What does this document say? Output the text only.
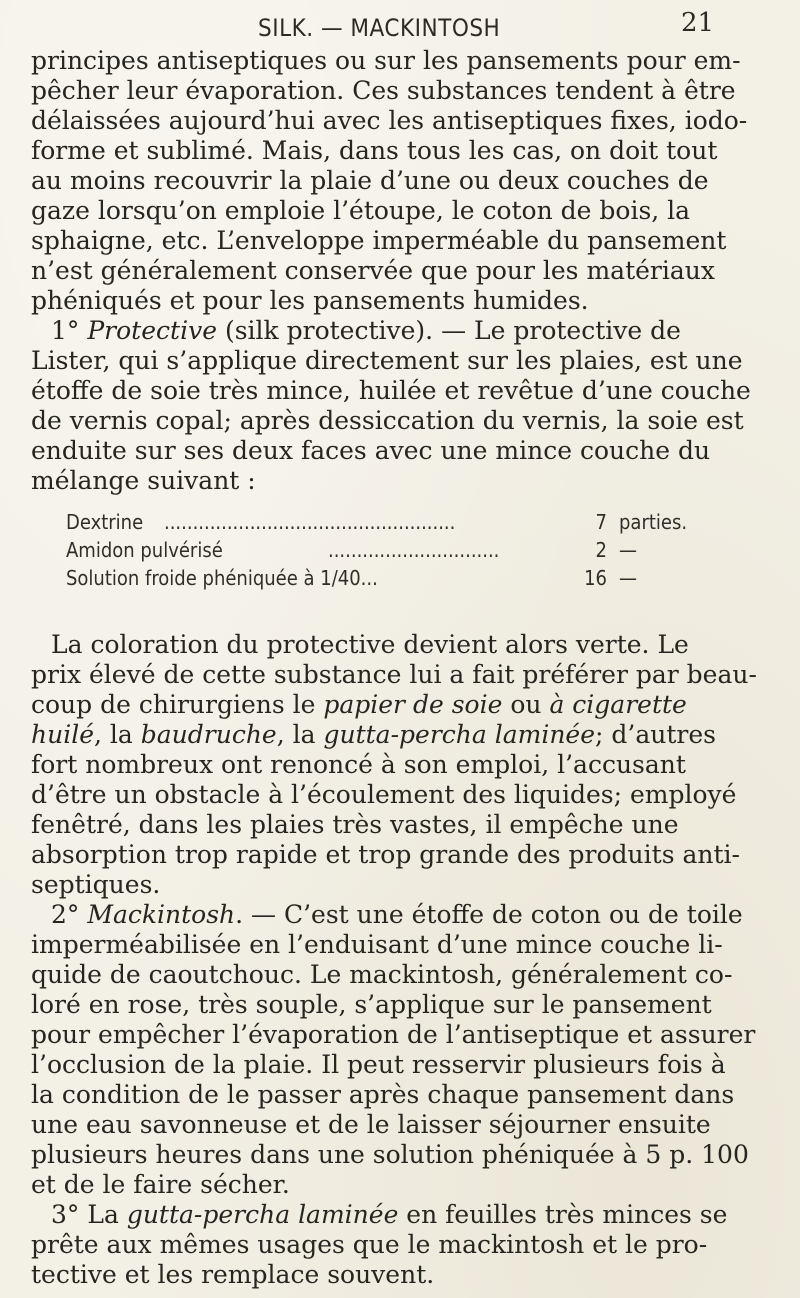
SILK. — MACKINTOSH	21
principes antiseptiques ou sur les pansements pour em-
pêcher leur évaporation. Ces substances tendent à être
délaissées aujourd’hui avec les antiseptiques fixes, iodo-
forme et sublimé. Mais, dans tous les cas, on doit tout
au moins recouvrir la plaie d’une ou deux couches de
gaze lorsqu’on emploie l’étoupe, le coton de bois, la
sphaigne, etc. L’enveloppe imperméable du pansement
n’est généralement conservée que pour les matériaux
phéniqués et pour les pansements humides.
1° Protective (silk protective). — Le protective de
Lister, qui s’applique directement sur les plaies, est une
étoffe de soie très mince, huilée et revêtue d’une couche
de vernis copal; après dessiccation du vernis, la soie est
enduite sur ses deux faces avec une mince couche du
mélange suivant :
La coloration du protective devient alors verte. Le
prix élevé de cette substance lui a fait préférer par beau-
coup de chirurgiens le papier de soie ou à cigarette
huilé, la baudruche, la gutta-percha laminée; d’autres
fort nombreux ont renoncé à son emploi, l’accusant
d’être un obstacle à l’écoulement des liquides; employé
fenêtré, dans les plaies très vastes, il empêche une
absorption trop rapide et trop grande des produits anti-
septiques.
2° Mackintosh. — C’est une étoffe de coton ou de toile
imperméabilisée en l’enduisant d’une mince couche li-
quide de caoutchouc. Le mackintosh, généralement co-
loré en rose, très souple, s’applique sur le pansement
pour empêcher l’évaporation de l’antiseptique et assurer
l’occlusion de la plaie. Il peut resservir plusieurs fois à
la condition de le passer après chaque pansement dans
une eau savonneuse et de le laisser séjourner ensuite
plusieurs heures dans une solution phéniquée à 5 p. 100
et de le faire sécher.
3° La gutta-percha laminée en feuilles très minces se
prête aux mêmes usages que le mackintosh et le pro-
tective et les remplace souvent.
Dextrine ...................................................	7 parties.
Amidon pulvérisé	..............................	2 —
Solution froide phéniquée à 1/40...	16 —
